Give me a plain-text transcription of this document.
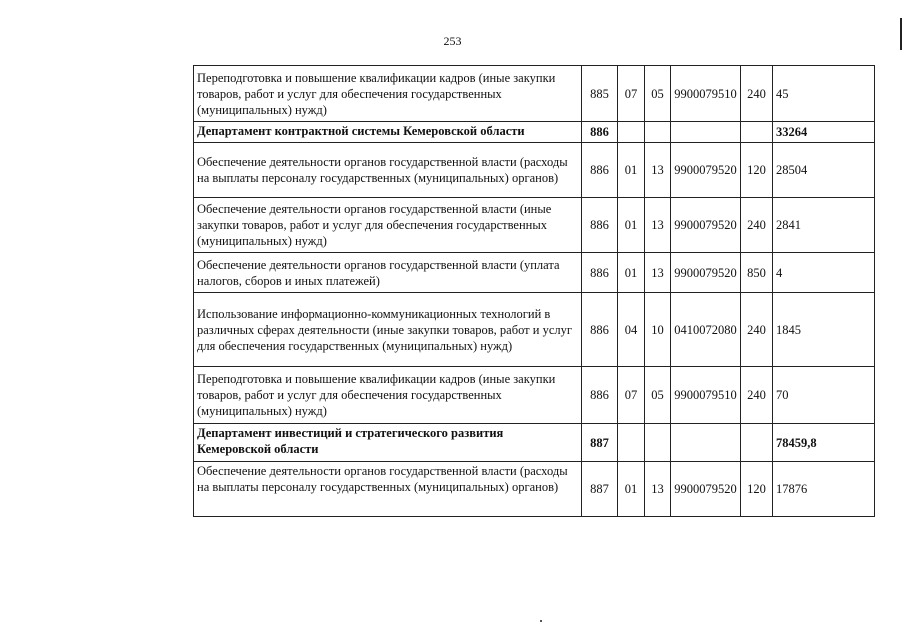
253
Переподготовка и повышение квалификации кадров (иные закупки товаров, работ и услуг для обеспечения государственных (муниципальных) нужд)	885	07	05	9900079510	240	45
Департамент контрактной системы Кемеровской области	886					33264
Обеспечение деятельности органов государственной власти (расходы на выплаты персоналу государственных (муниципальных) органов)	886	01	13	9900079520	120	28504
Обеспечение деятельности органов государственной власти (иные закупки товаров, работ и услуг для обеспечения государственных (муниципальных) нужд)	886	01	13	9900079520	240	2841
Обеспечение деятельности органов государственной власти (уплата налогов, сборов и иных платежей)	886	01	13	9900079520	850	4
Использование информационно-коммуникационных технологий в различных сферах деятельности (иные закупки товаров, работ и услуг для обеспечения государственных (муниципальных) нужд)	886	04	10	0410072080	240	1845
Переподготовка и повышение квалификации кадров (иные закупки товаров, работ и услуг для обеспечения государственных (муниципальных) нужд)	886	07	05	9900079510	240	70
Департамент инвестиций и стратегического развития Кемеровской области	887					78459,8
Обеспечение деятельности органов государственной власти (расходы на выплаты персоналу государственных (муниципальных) органов)	887	01	13	9900079520	120	17876
